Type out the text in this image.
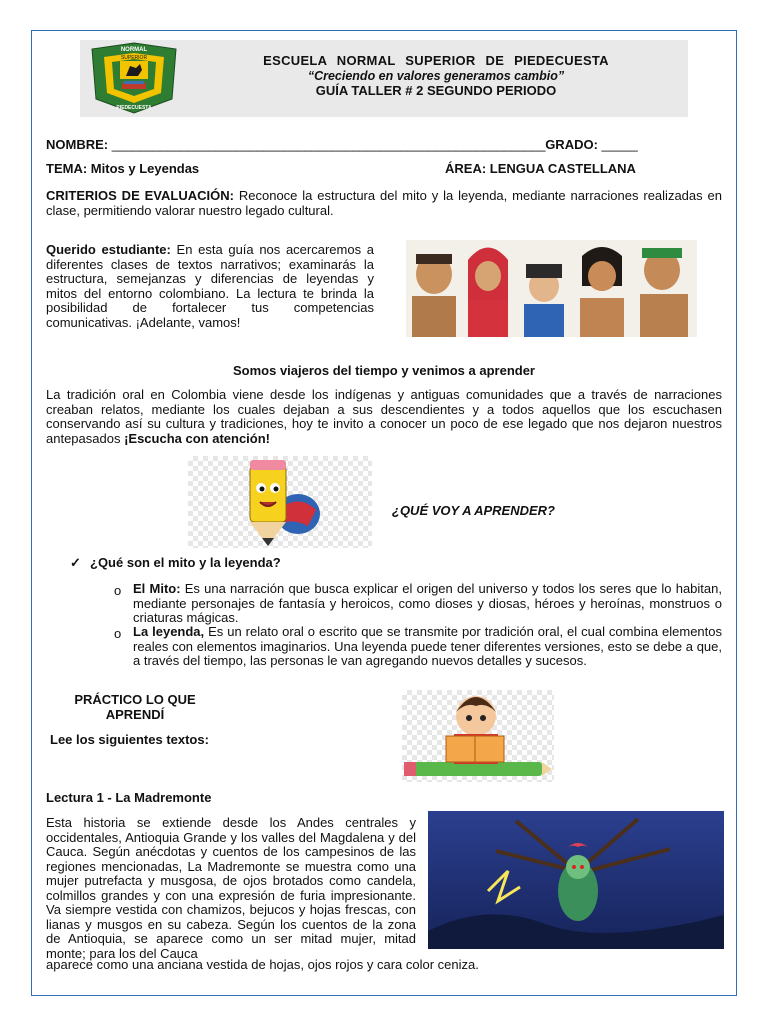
NORMAL
SUPERIOR
PIEDECUESTA
ESCUELA NORMAL SUPERIOR DE PIEDECUESTA
“Creciendo en valores generamos cambio”
GUÍA TALLER # 2 SEGUNDO PERIODO
NOMBRE: _______________________________________________________________GRADO: _____
TEMA: Mitos y Leyendas	ÁREA: LENGUA CASTELLANA
CRITERIOS DE EVALUACIÓN: Reconoce la estructura del mito y la leyenda, mediante narraciones realizadas en clase, permitiendo valorar nuestro legado cultural.
Querido estudiante: En esta guía nos acercaremos a diferentes clases de textos narrativos; examinarás la estructura, semejanzas y diferencias de leyendas y mitos del entorno colombiano. La lectura te brinda la posibilidad de fortalecer tus competencias comunicativas. ¡Adelante, vamos!
Somos viajeros del tiempo y venimos a aprender
La tradición oral en Colombia viene desde los indígenas y antiguas comunidades que a través de narraciones creaban relatos, mediante los cuales dejaban a sus descendientes y a todos aquellos que los escuchasen conservando así su cultura y tradiciones, hoy te invito a conocer un poco de ese legado que nos dejaron nuestros antepasados ¡Escucha con atención!
¿QUÉ VOY A APRENDER?
✓ ¿Qué son el mito y la leyenda?
o El Mito: Es una narración que busca explicar el origen del universo y todos los seres que lo habitan, mediante personajes de fantasía y heroicos, como dioses y diosas, héroes y heroínas, monstruos o criaturas mágicas.
o La leyenda, Es un relato oral o escrito que se transmite por tradición oral, el cual combina elementos reales con elementos imaginarios. Una leyenda puede tener diferentes versiones, esto se debe a que, a través del tiempo, las personas le van agregando nuevos detalles y sucesos.
PRÁCTICO LO QUE APRENDÍ
Lee los siguientes textos:
Lectura 1 - La Madremonte
Esta historia se extiende desde los Andes centrales y occidentales, Antioquia Grande y los valles del Magdalena y del Cauca. Según anécdotas y cuentos de los campesinos de las regiones mencionadas, La Madremonte se muestra como una mujer putrefacta y musgosa, de ojos brotados como candela, colmillos grandes y con una expresión de furia impresionante. Va siempre vestida con chamizos, bejucos y hojas frescas, con lianas y musgos en su cabeza. Según los cuentos de la zona de Antioquia, se aparece como un ser mitad mujer, mitad monte; para los del Cauca
aparece como una anciana vestida de hojas, ojos rojos y cara color ceniza.
